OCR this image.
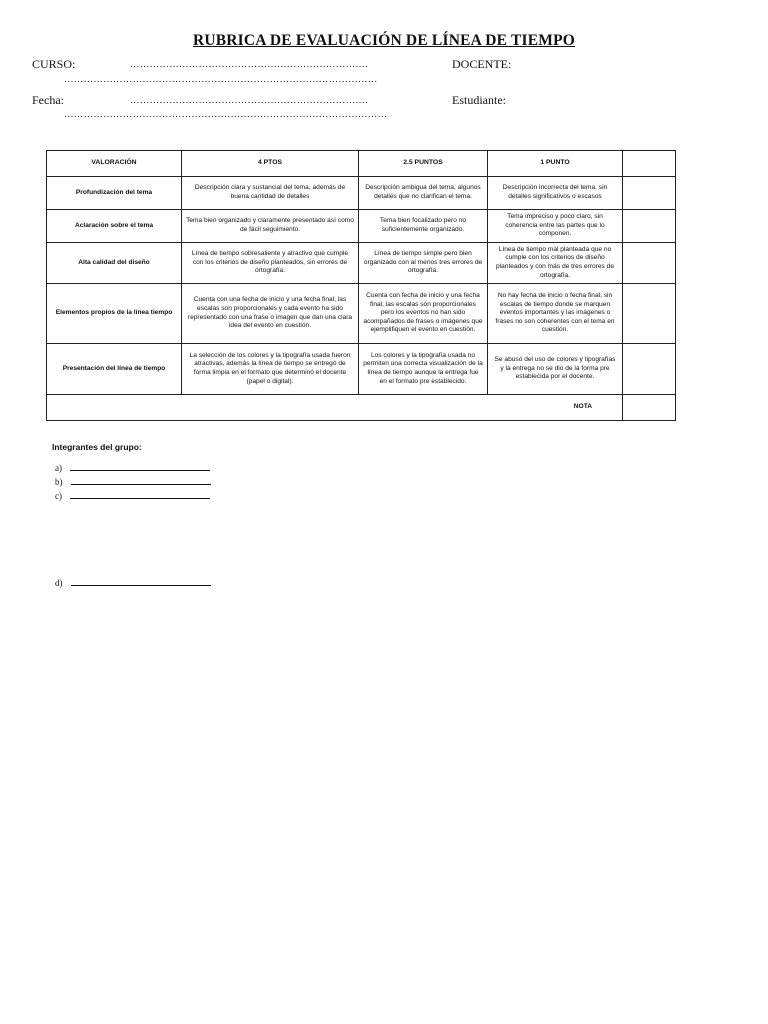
RUBRICA DE EVALUACIÓN DE LÍNEA DE TIEMPO
CURSO:	……………………………………………………………….	DOCENTE:
……………………………………………………………………………………
Fecha:	……………………………………………………………….	Estudiante:
………………………………………………………………………………………
VALORACIÓN	4 PTOS	2.5 PUNTOS	1 PUNTO	
Profundización del tema	Descripción clara y sustancial del tema, además de buena cantidad de detalles	Descripción ambigua del tema, algunos detalles que no clarifican el tema.	Descripción incorrecta del tema, sin detalles significativos o escasos	
Aclaración sobre el tema	Tema bien organizado y claramente presentado así como de fácil seguimiento.	Tema bien focalizado pero no suficientemente organizado.	Tema impreciso y poco claro, sin coherencia entre las partes que lo componen.	
Alta calidad del diseño	Línea de tiempo sobresaliente y atractivo que cumple con los criterios de diseño planteados, sin errores de ortografía.	Línea de tiempo simple pero bien organizado con al menos tres errores de ortografía.	Línea de tiempo mal planteada que no cumple con los criterios de diseño planteados y con más de tres errores de ortografía.	
Elementos propios de la línea tiempo	Cuenta con una fecha de inicio y una fecha final, las escalas son proporcionales y cada evento ha sido representado con una frase o imagen que dan una clara idea del evento en cuestión.	Cuenta con fecha de inicio y una fecha final, las escalas son proporcionales pero los eventos no han sido acompañados de frases o imágenes que ejemplifiquen el evento en cuestión.	No hay fecha de inicio o fecha final, sin escalas de tiempo donde se marquen eventos importantes y las imágenes o frases no son coherentes con el tema en cuestión.	
Presentación del línea de tiempo	La selección de los colores y la tipografía usada fueron atractivas, además la línea de tiempo se entregó de forma limpia en el formato que determinó el docente (papel o digital).	Los colores y la tipografía usada no permiten una correcta visualización de la línea de tiempo aunque la entrega fue en el formato pre establecido.	Se abusó del uso de colores y tipografías y la entrega no se dio de la forma pre establecida por el docente.	
NOTA				
Integrantes del grupo:
a)
b)
c)
d)
